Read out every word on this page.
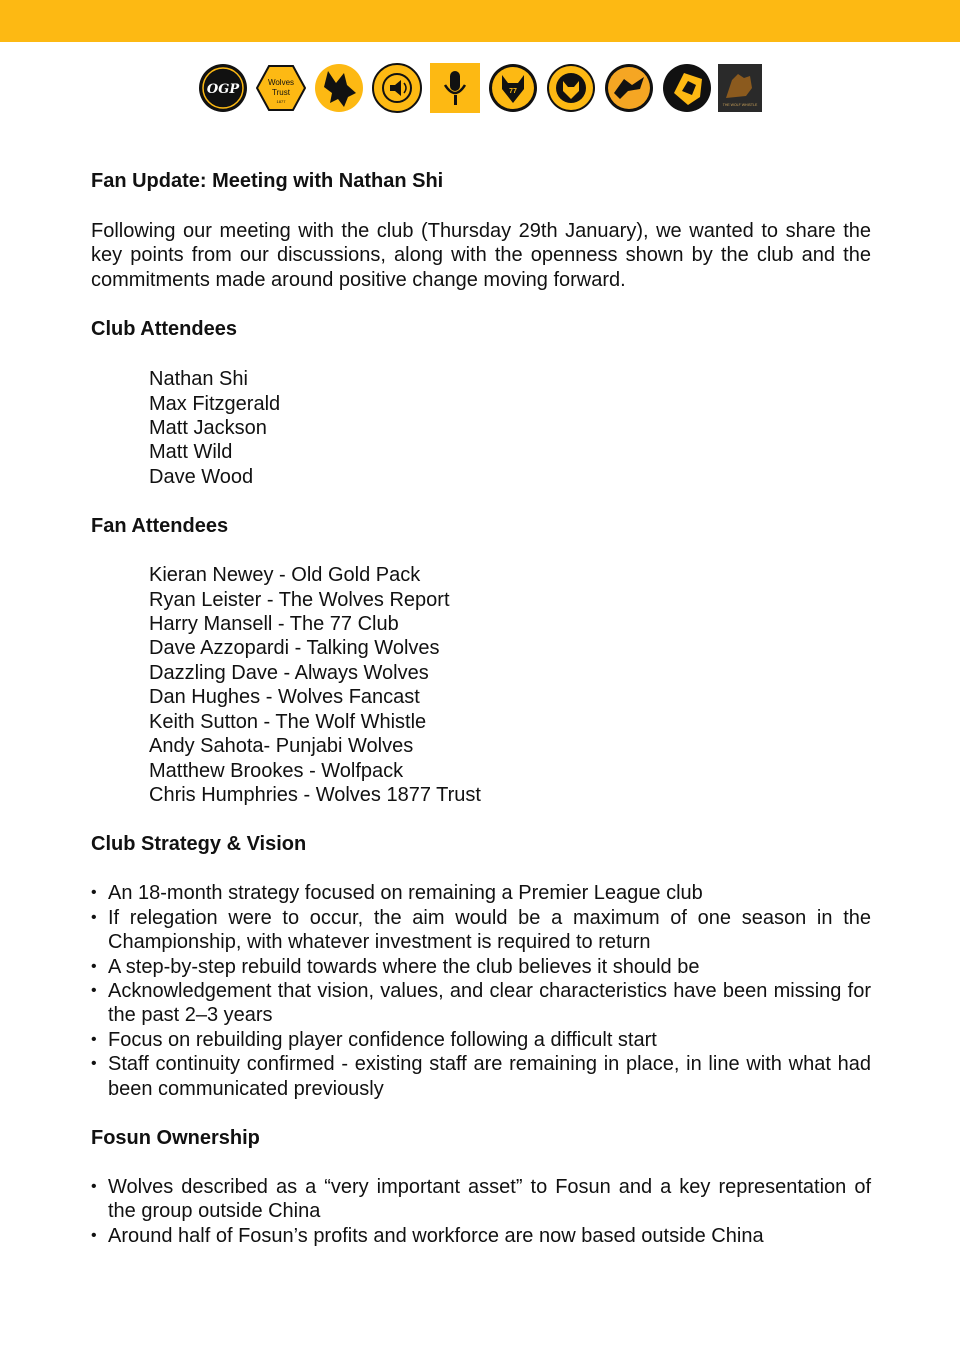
OGP	Wolves
Trust
1877
77
THE WOLF WHISTLE
Fan Update: Meeting with Nathan Shi

Following our meeting with the club (Thursday 29th January), we wanted to share the key points from our discussions, along with the openness shown by the club and the commitments made around positive change moving forward.

Club Attendees
Nathan Shi
Max Fitzgerald
Matt Jackson
Matt Wild
Dave Wood
Fan Attendees
Kieran Newey - Old Gold Pack
Ryan Leister - The Wolves Report
Harry Mansell - The 77 Club
Dave Azzopardi - Talking Wolves
Dazzling Dave - Always Wolves
Dan Hughes - Wolves Fancast
Keith Sutton - The Wolf Whistle
Andy Sahota- Punjabi Wolves
Matthew Brookes - Wolfpack
Chris Humphries - Wolves 1877 Trust
Club Strategy & Vision
• An 18-month strategy focused on remaining a Premier League club
• If relegation were to occur, the aim would be a maximum of one season in the Championship, with whatever investment is required to return
• A step-by-step rebuild towards where the club believes it should be
• Acknowledgement that vision, values, and clear characteristics have been missing for the past 2–3 years
• Focus on rebuilding player confidence following a difficult start
• Staff continuity confirmed - existing staff are remaining in place, in line with what had been communicated previously
Fosun Ownership
• Wolves described as a “very important asset” to Fosun and a key representation of the group outside China
• Around half of Fosun’s profits and workforce are now based outside China
